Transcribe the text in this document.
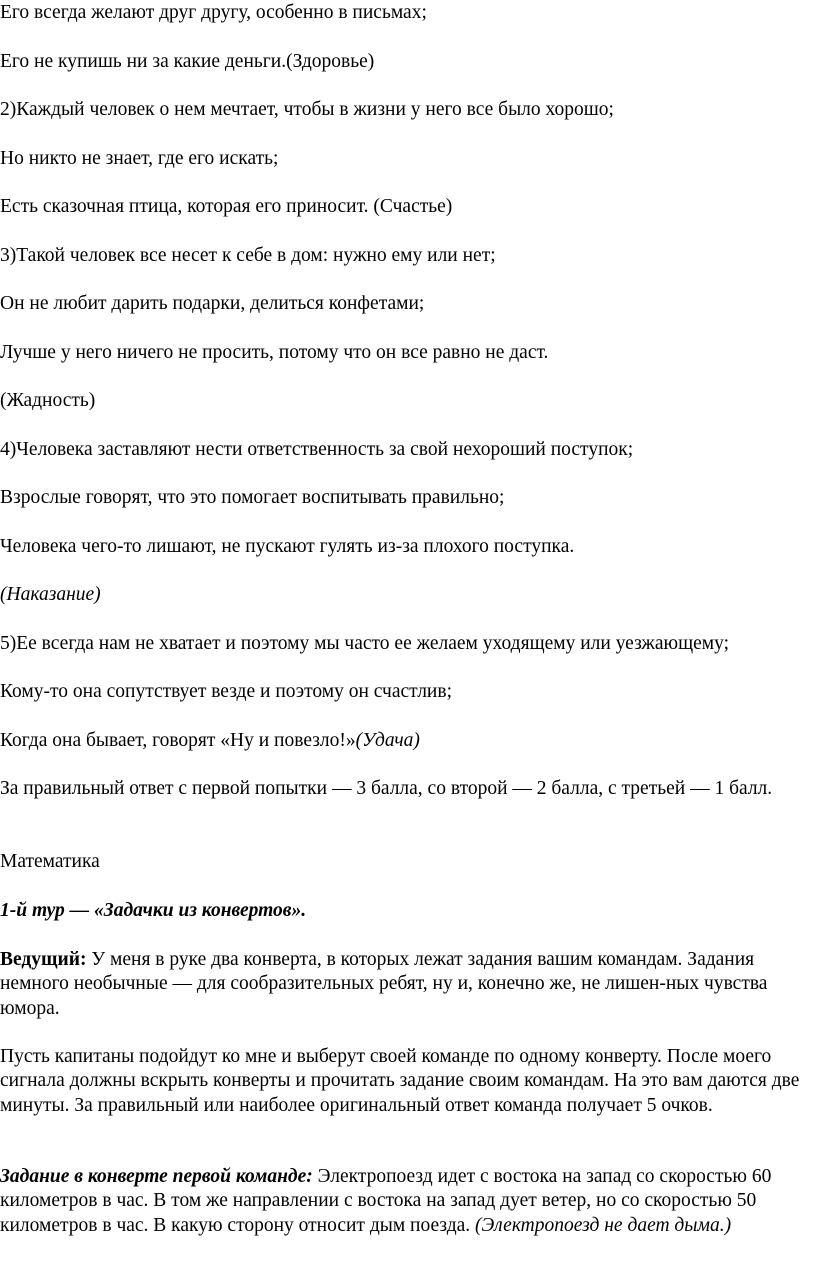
Его всегда желают друг другу, особенно в письмах;
Его не купишь ни за какие деньги.(Здоровье)
2)Каждый человек о нем мечтает, чтобы в жизни у него все было хорошо;
Но никто не знает, где его искать;
Есть сказочная птица, которая его приносит. (Счастье)
3)Такой человек все несет к себе в дом: нужно ему или нет;
Он не любит дарить подарки, делиться конфетами;
Лучше у него ничего не просить, потому что он все равно не даст.
(Жадность)
4)Человека заставляют нести ответственность за свой нехороший поступок;
Взрослые говорят, что это помогает воспитывать правильно;
Человека чего-то лишают, не пускают гулять из-за плохого поступка.
(Наказание)
5)Ее всегда нам не хватает и поэтому мы часто ее желаем уходящему или уезжающему;
Кому-то она сопутствует везде и поэтому он счастлив;
Когда она бывает, говорят «Ну и повезло!»(Удача)
За правильный ответ с первой попытки — 3 балла, со второй — 2 балла, с третьей — 1 балл.
Математика
1-й тур — «Задачки из конвертов».
Ведущий: У меня в руке два конверта, в которых лежат задания вашим командам. Задания немного необычные — для сообразительных ребят, ну и, конечно же, не лишен-ных чувства юмора.
Пусть капитаны подойдут ко мне и выберут своей команде по одному конверту. После моего сигнала должны вскрыть конверты и прочитать задание своим командам. На это вам даются две минуты. За правильный или наиболее оригинальный ответ команда получает 5 очков.
Задание в конверте первой команде: Электропоезд идет с востока на запад со скоростью 60 километров в час. В том же направлении с востока на запад дует ветер, но со скоростью 50 километров в час. В какую сторону относит дым поезда. (Электропоезд не дает дыма.)
